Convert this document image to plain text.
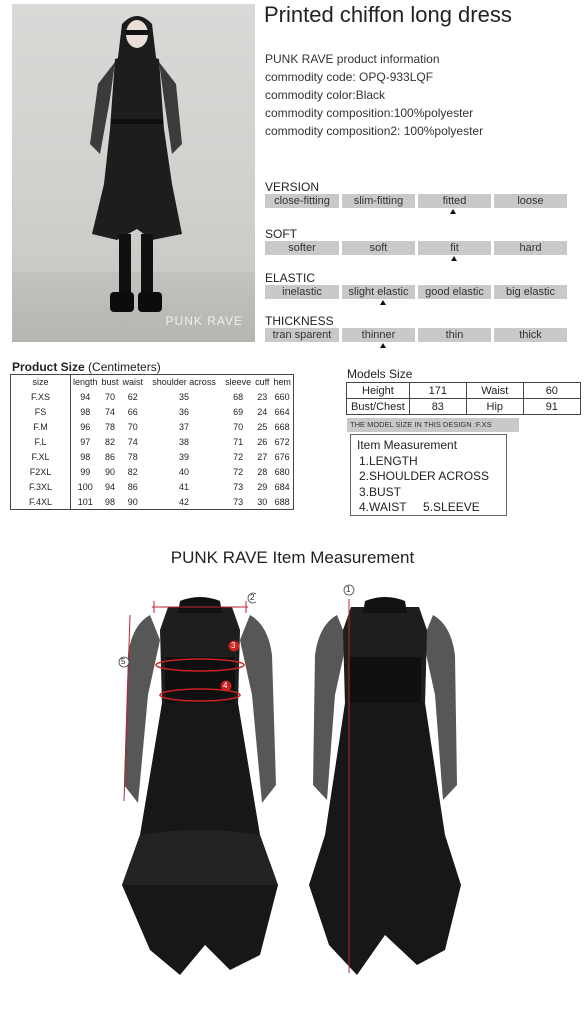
PUNK RAVE
Printed chiffon long dress
PUNK RAVE product information
commodity code: OPQ-933LQF
commodity color:Black
commodity composition:100%polyester
commodity composition2: 100%polyester
VERSION
close-fitting	slim-fitting	fitted	loose
SOFT
softer	soft	fit	hard
ELASTIC
inelastic	slight elastic	good elastic	big elastic
THICKNESS
tran sparent	thinner	thin	thick
Product Size (Centimeters)
size	length	bust	waist	shoulder across	sleeve	cuff	hem
F.XS	94	70	62	35	68	23	660
FS	98	74	66	36	69	24	664
F.M	96	78	70	37	70	25	668
F.L	97	82	74	38	71	26	672
F.XL	98	86	78	39	72	27	676
F2XL	99	90	82	40	72	28	680
F.3XL	100	94	86	41	73	29	684
F.4XL	101	98	90	42	73	30	688
Models Size
Height	171	Waist	60
Bust/Chest	83	Hip	91
THE MODEL SIZE IN THIS DESIGN :F.XS
Item Measurement
1.LENGTH
2.SHOULDER ACROSS
3.BUST
4.WAIST     5.SLEEVE
PUNK RAVE Item Measurement
5
2
3
4
1
